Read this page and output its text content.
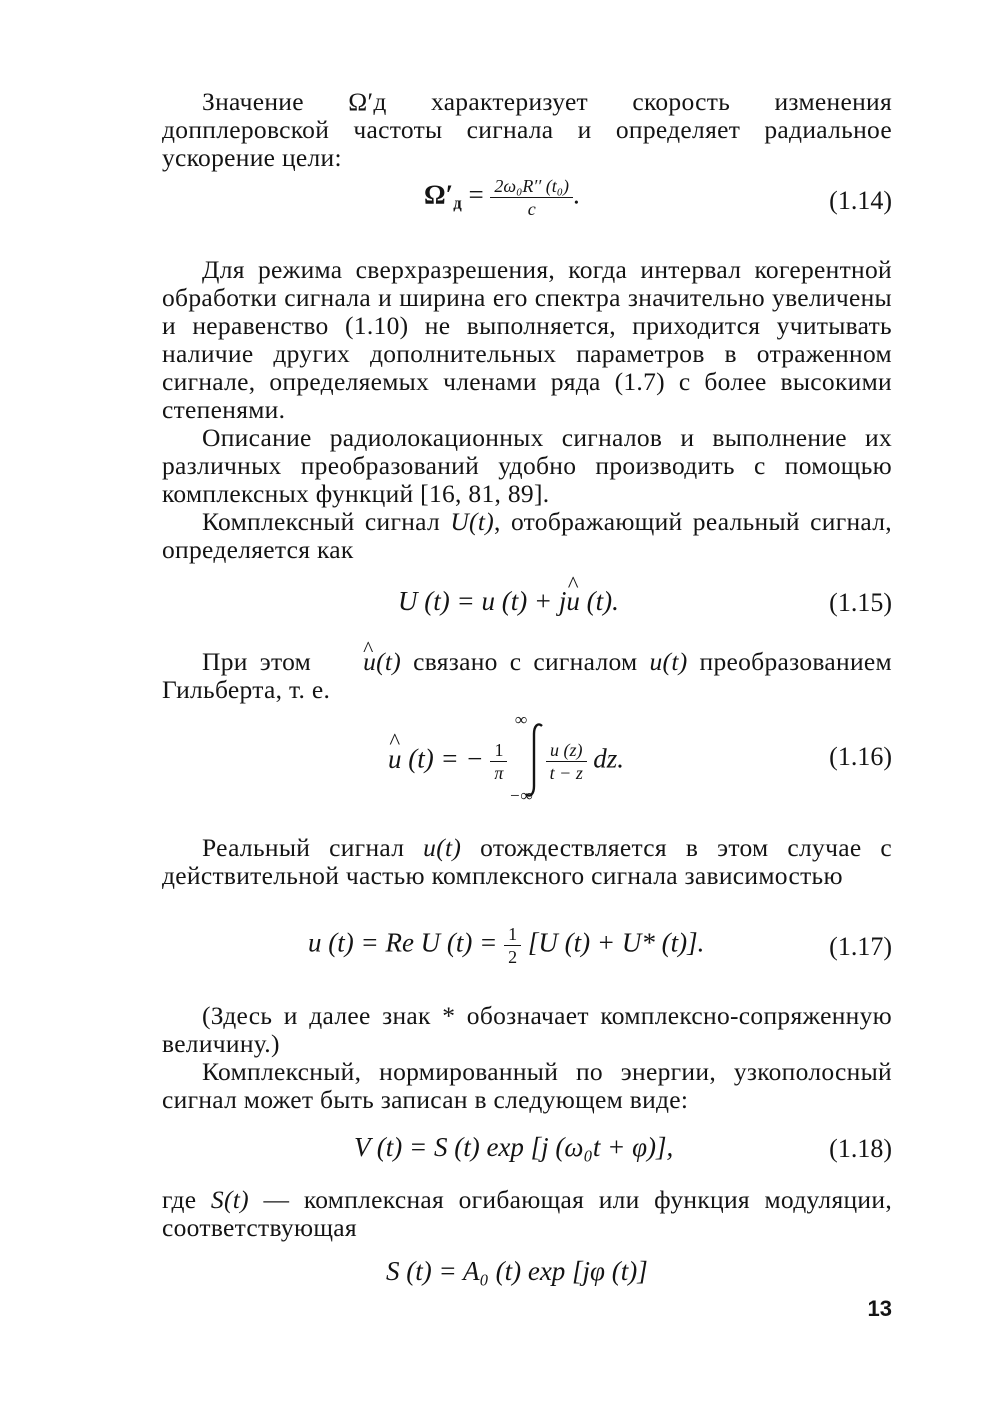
Значение Ω′д характеризует скорость изменения допплеровской частоты сигнала и определяет радиальное ускорение цели:
$\Omega'_д = \frac{\text{2ω₀R′′ (t₀)}}{c}$ .	(1.14)
Для режима сверхразрешения, когда интервал когерентной обработки сигнала и ширина его спектра значительно увеличены и неравенство (1.10) не выполняется, приходится учитывать наличие других дополнительных параметров в отраженном сигнале, определяемых членами ряда (1.7) с более высокими степенями.
Описание радиолокационных сигналов и выполнение их различных преобразований удобно производить с помощью комплексных функций [16, 81, 89].
Комплексный сигнал U(t), отображающий реальный сигнал, определяется как
U (t) = u (t) + j^ u (t).	(1.15)
При этом ^ u(t) связано с сигналом u(t) преобразованием Гильберта, т. е.
^ u (t) = − $\frac{1}{\pi}$
∞
−∞
$\frac{u (z)}{t - z}$ dz.	(1.16)
Реальный сигнал u(t) отождествляется в этом случае с действительной частью комплексного сигнала зависимостью
u (t) = Re U $(t) = \frac{1}{2} [U$ (t) + U* (t)].	(1.17)
(Здесь и далее знак * обозначает комплексно-сопряженную величину.)
Комплексный, нормированный по энергии, узкополосный сигнал может быть записан в следующем виде:
V (t) = S (t) exp [j (ω₀t + φ)],	(1.18)
где S(t) — комплексная огибающая или функция модуляции, соответствующая
S (t) = A₀ (t) exp [jφ (t)]
13
